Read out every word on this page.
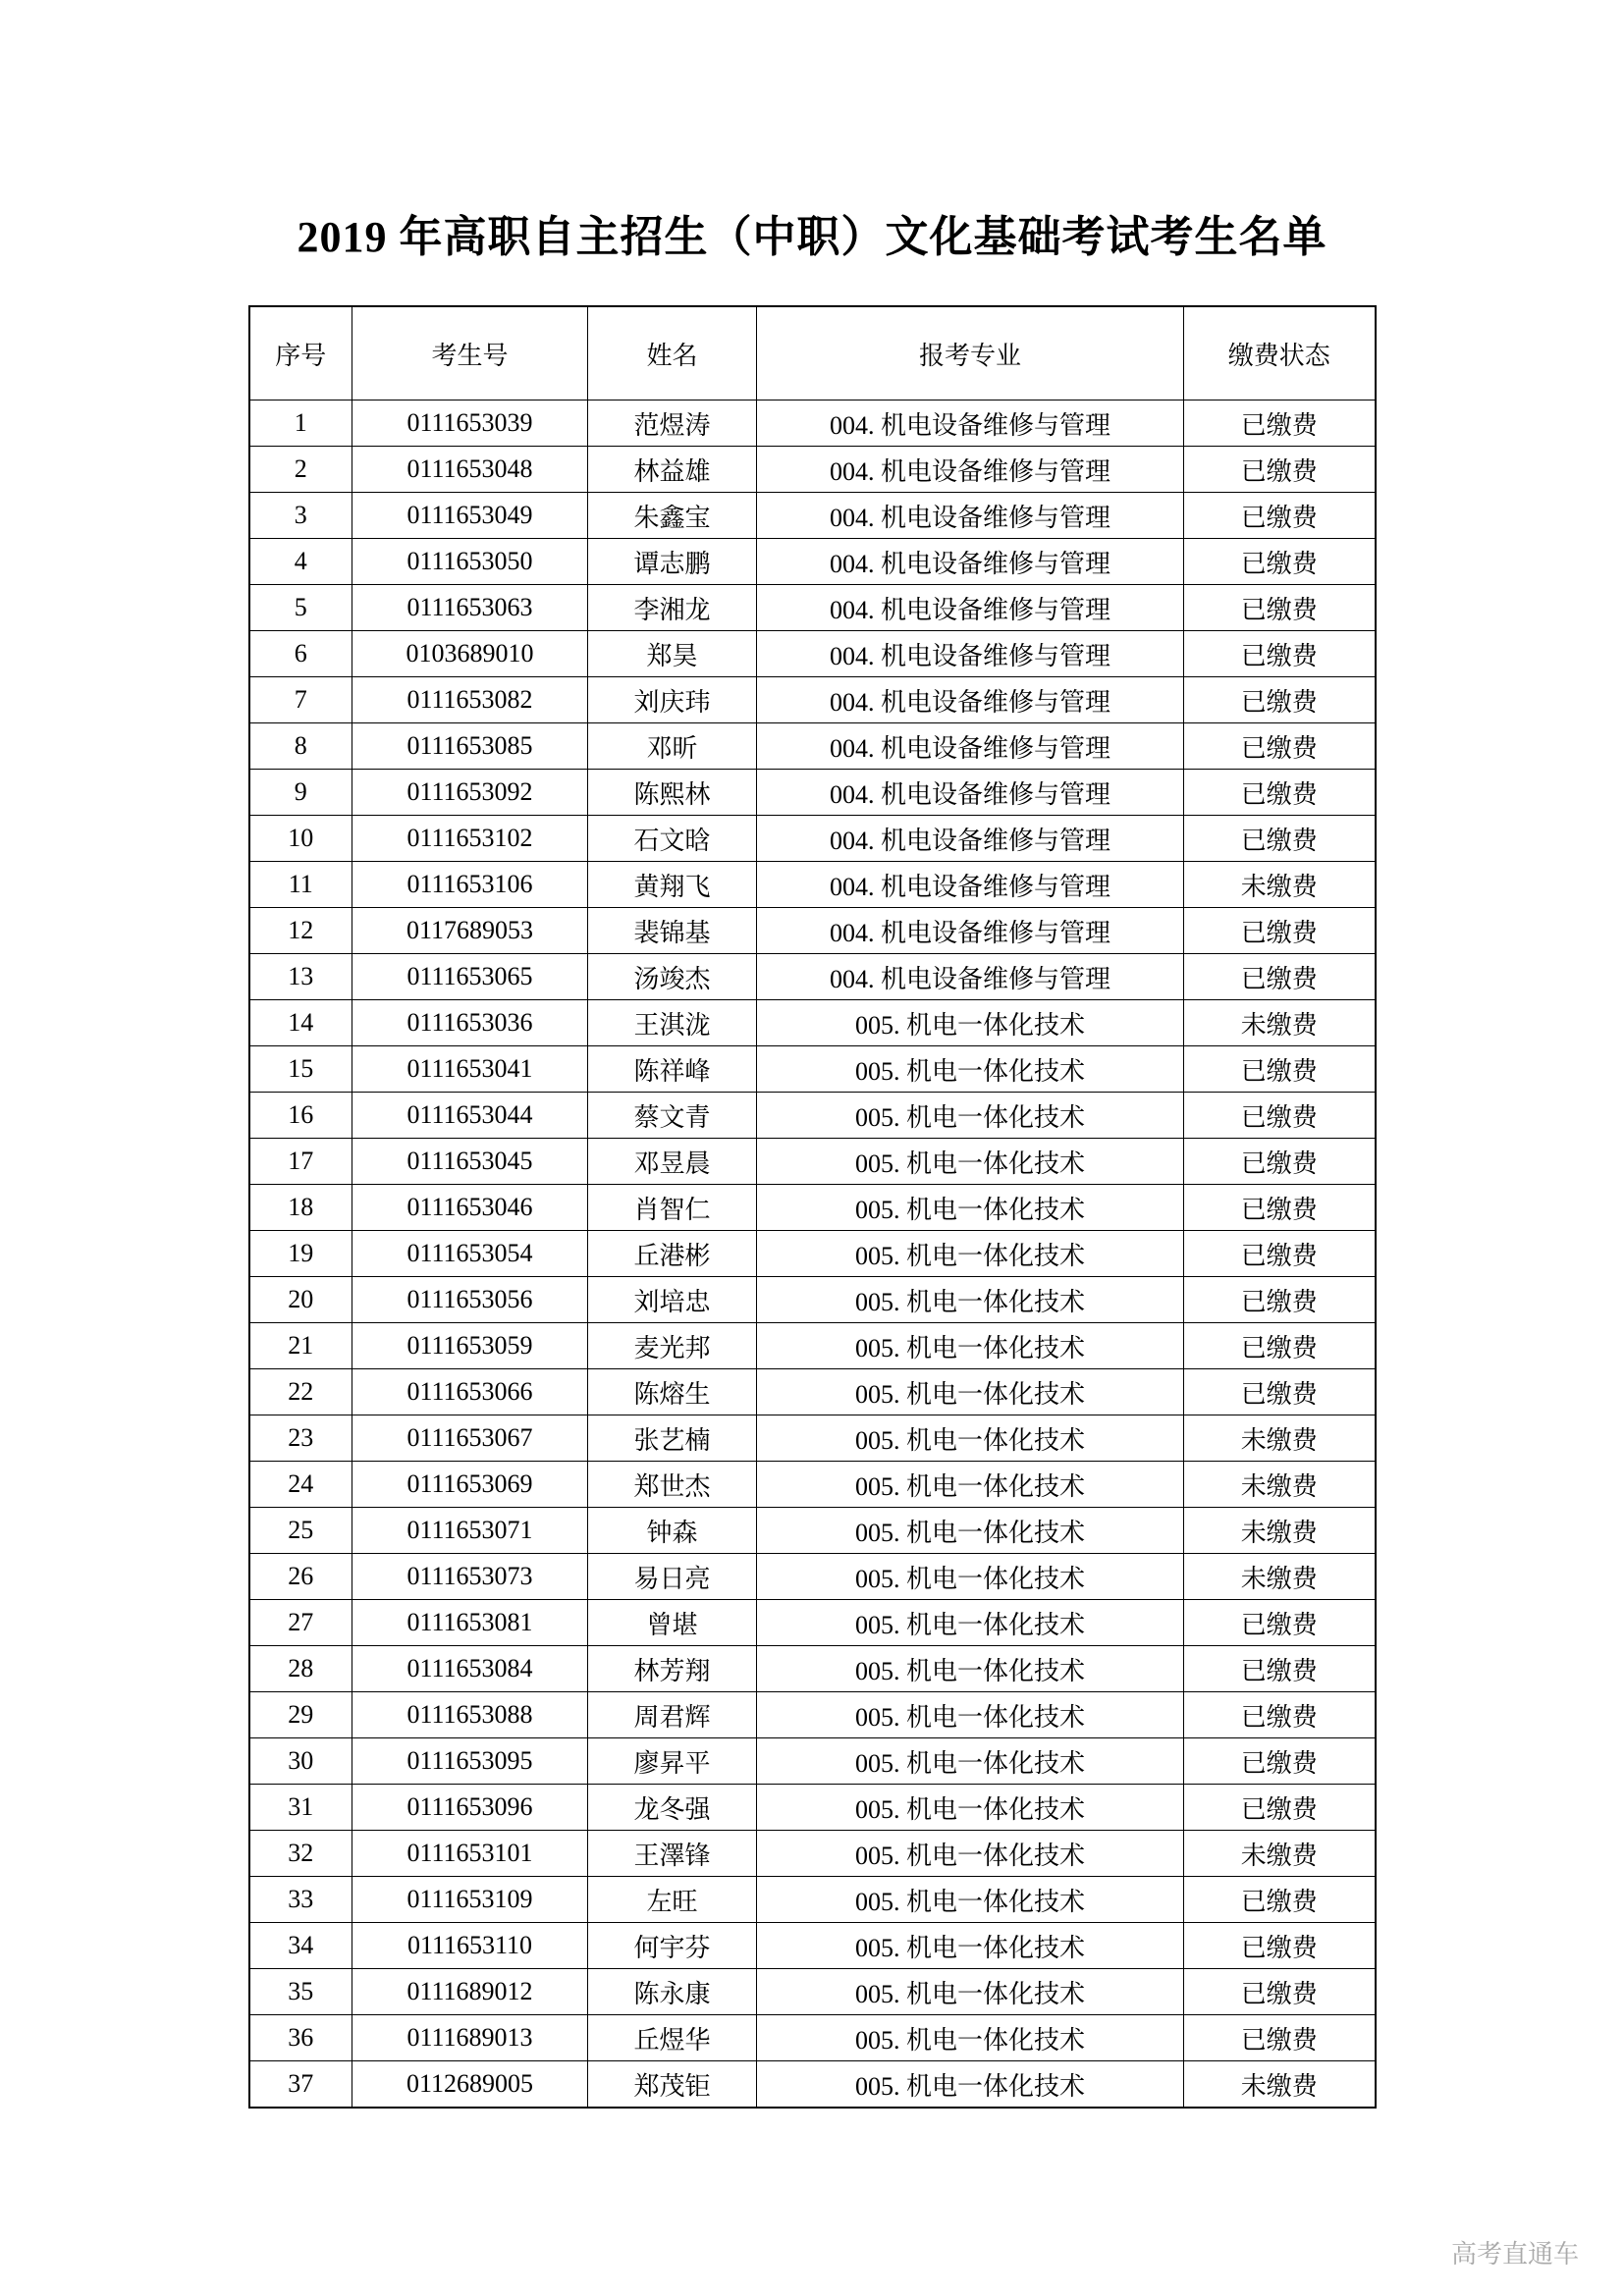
2019 年高职自主招生（中职）文化基础考试考生名单
序号	考生号	姓名	报考专业	缴费状态
1	0111653039	范煜涛	004. 机电设备维修与管理	已缴费
2	0111653048	林益雄	004. 机电设备维修与管理	已缴费
3	0111653049	朱鑫宝	004. 机电设备维修与管理	已缴费
4	0111653050	谭志鹏	004. 机电设备维修与管理	已缴费
5	0111653063	李湘龙	004. 机电设备维修与管理	已缴费
6	0103689010	郑昊	004. 机电设备维修与管理	已缴费
7	0111653082	刘庆玮	004. 机电设备维修与管理	已缴费
8	0111653085	邓昕	004. 机电设备维修与管理	已缴费
9	0111653092	陈熙林	004. 机电设备维修与管理	已缴费
10	0111653102	石文晗	004. 机电设备维修与管理	已缴费
11	0111653106	黄翔飞	004. 机电设备维修与管理	未缴费
12	0117689053	裴锦基	004. 机电设备维修与管理	已缴费
13	0111653065	汤竣杰	004. 机电设备维修与管理	已缴费
14	0111653036	王淇泷	005. 机电一体化技术	未缴费
15	0111653041	陈祥峰	005. 机电一体化技术	已缴费
16	0111653044	蔡文青	005. 机电一体化技术	已缴费
17	0111653045	邓昱晨	005. 机电一体化技术	已缴费
18	0111653046	肖智仁	005. 机电一体化技术	已缴费
19	0111653054	丘港彬	005. 机电一体化技术	已缴费
20	0111653056	刘培忠	005. 机电一体化技术	已缴费
21	0111653059	麦光邦	005. 机电一体化技术	已缴费
22	0111653066	陈熔生	005. 机电一体化技术	已缴费
23	0111653067	张艺楠	005. 机电一体化技术	未缴费
24	0111653069	郑世杰	005. 机电一体化技术	未缴费
25	0111653071	钟森	005. 机电一体化技术	未缴费
26	0111653073	易日亮	005. 机电一体化技术	未缴费
27	0111653081	曾堪	005. 机电一体化技术	已缴费
28	0111653084	林芳翔	005. 机电一体化技术	已缴费
29	0111653088	周君辉	005. 机电一体化技术	已缴费
30	0111653095	廖昇平	005. 机电一体化技术	已缴费
31	0111653096	龙冬强	005. 机电一体化技术	已缴费
32	0111653101	王澤锋	005. 机电一体化技术	未缴费
33	0111653109	左旺	005. 机电一体化技术	已缴费
34	0111653110	何宇芬	005. 机电一体化技术	已缴费
35	0111689012	陈永康	005. 机电一体化技术	已缴费
36	0111689013	丘煜华	005. 机电一体化技术	已缴费
37	0112689005	郑茂钜	005. 机电一体化技术	未缴费
高考直通车
